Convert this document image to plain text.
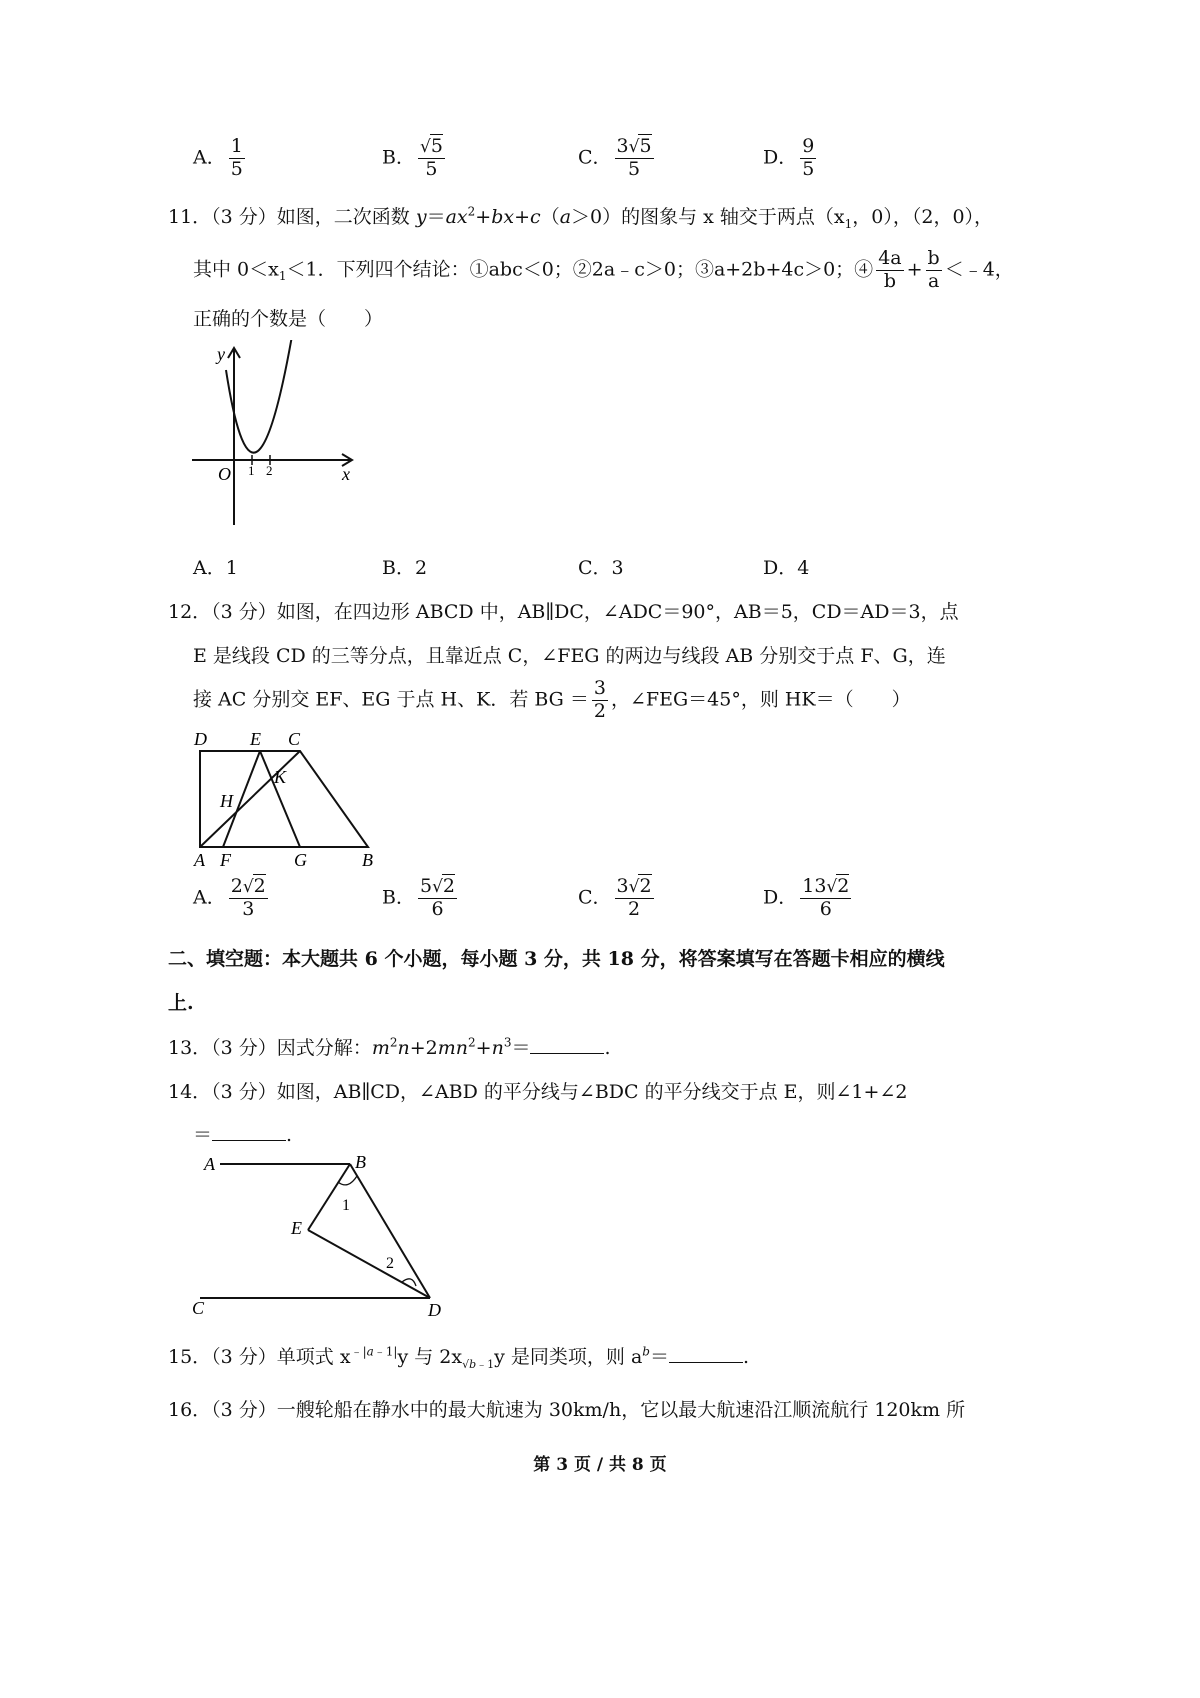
A． $\frac{1}{5}$	B． $\frac{√5}{5}$	C． $\frac{3√5}{5}$	D． $\frac{9}{5}$
11．（3 分）如图，二次函数 $y=ax^2+bx+c(a>0)$的图象与 x 轴交于两点（$x_1$，0），（2，0），
其中 $0<x_1<1$．下列四个结论：①abc＜0；②2a﹣c＞0；③a+2b+4c＞0；④ $\frac{4a}{b} + \frac{b}{a}$ ＜﹣4，
正确的个数是（　　）
y
x
O 1 2
A．1	B．2	C．3	D．4
12．（3 分）如图，在四边形 ABCD 中，AB∥DC，∠ADC＝90°，AB＝5，CD＝AD＝3，点
E 是线段 CD 的三等分点，且靠近点 C，∠FEG 的两边与线段 AB 分别交于点 F、G，连
接 AC 分别交 EF、EG 于点 H、K．若 BG ＝ $\frac{3}{2}$ ，∠FEG＝45°，则 HK＝（　　）
D E C
K
H
A F	G	B
A． $\frac{2√2}{3}$	B． $\frac{5√2}{6}$	C． $\frac{3√2}{2}$	D． $\frac{13√2}{6}$
二、填空题：本大题共 6 个小题，每小题 3 分，共 18 分，将答案填写在答题卡相应的横线
上.
13．（3 分）因式分解：$m^2n+2mn^2+n^3=$	.
14．（3 分）如图，AB∥CD，∠ABD 的平分线与∠BDC 的平分线交于点 E，则∠1+∠2
＝	.
A	B
E
C	D
1
2
15．（3 分）单项式 $x^{﹣|a﹣1|}y$ 与 $2x_{√b﹣1}y$ 是同类项，则 $a^b=$	.
16．（3 分）一艘轮船在静水中的最大航速为 30km/h，它以最大航速沿江顺流航行 120km 所
第 3 页 / 共 8 页
